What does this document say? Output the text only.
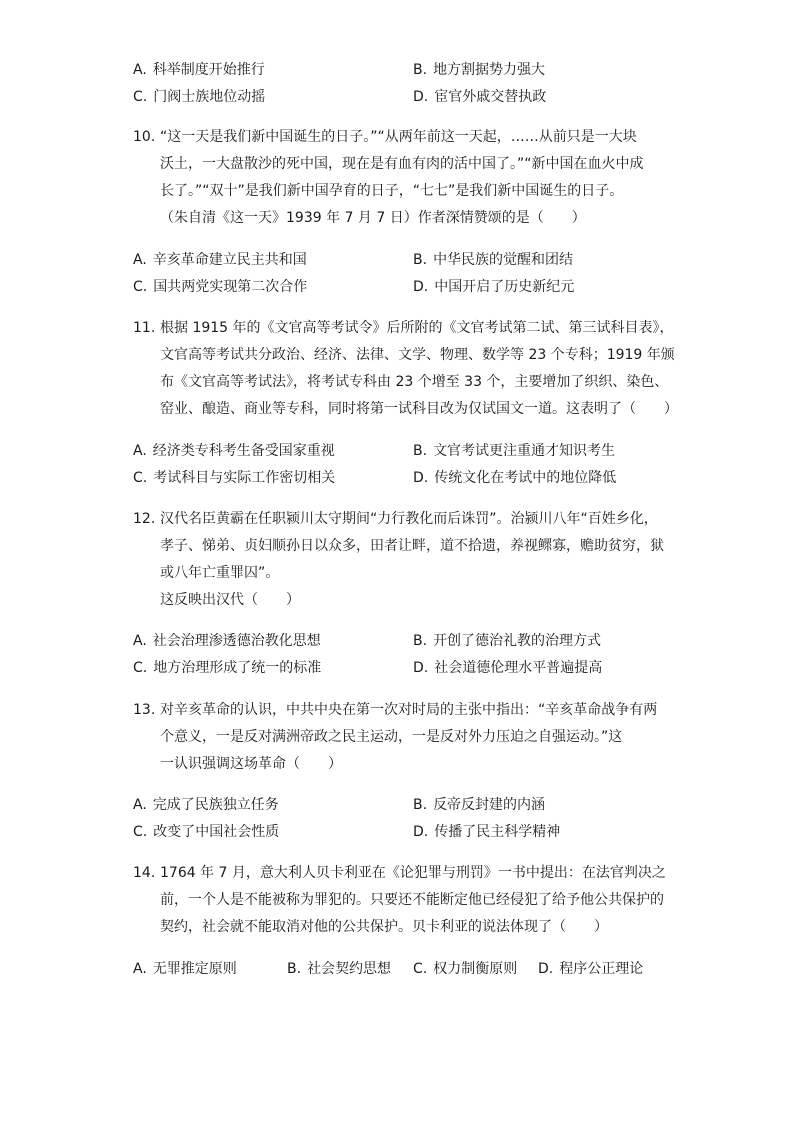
A. 科举制度开始推行	B. 地方割据势力强大
C. 门阀士族地位动摇	D. 宦官外戚交替执政
10. “这一天是我们新中国诞生的日子。”“从两年前这一天起，……从前只是一大块
沃土，一大盘散沙的死中国，现在是有血有肉的活中国了。”“新中国在血火中成
长了。”“双十”是我们新中国孕育的日子，“七七”是我们新中国诞生的日子。
（朱自清《这一天》1939 年 7 月 7 日）作者深情赞颂的是（　　）
A. 辛亥革命建立民主共和国	B. 中华民族的觉醒和团结
C. 国共两党实现第二次合作	D. 中国开启了历史新纪元
11. 根据 1915 年的《文官高等考试令》后所附的《文官考试第二试、第三试科目表》，
文官高等考试共分政治、经济、法律、文学、物理、数学等 23 个专科；1919 年颁
布《文官高等考试法》，将考试专科由 23 个增至 33 个，主要增加了织织、染色、
窑业、酿造、商业等专科，同时将第一试科目改为仅试国文一道。这表明了（　　）
A. 经济类专科考生备受国家重视	B. 文官考试更注重通才知识考生
C. 考试科目与实际工作密切相关	D. 传统文化在考试中的地位降低
12. 汉代名臣黄霸在任职颍川太守期间“力行教化而后诛罚”。治颍川八年“百姓乡化，
孝子、悌弟、贞妇顺孙日以众多，田者让畔，道不拾遗，养视鳏寡，赡助贫穷，狱
或八年亡重罪囚”。
这反映出汉代（　　）
A. 社会治理渗透德治教化思想	B. 开创了德治礼教的治理方式
C. 地方治理形成了统一的标准	D. 社会道德伦理水平普遍提高
13. 对辛亥革命的认识，中共中央在第一次对时局的主张中指出：“辛亥革命战争有两
个意义，一是反对满洲帝政之民主运动，一是反对外力压迫之自强运动。”这
一认识强调这场革命（　　）
A. 完成了民族独立任务	B. 反帝反封建的内涵
C. 改变了中国社会性质	D. 传播了民主科学精神
14. 1764 年 7 月，意大利人贝卡利亚在《论犯罪与刑罚》一书中提出：在法官判决之
前，一个人是不能被称为罪犯的。只要还不能断定他已经侵犯了给予他公共保护的
契约，社会就不能取消对他的公共保护。贝卡利亚的说法体现了（　　）
A. 无罪推定原则	B. 社会契约思想 C. 权力制衡原则 D. 程序公正理论
